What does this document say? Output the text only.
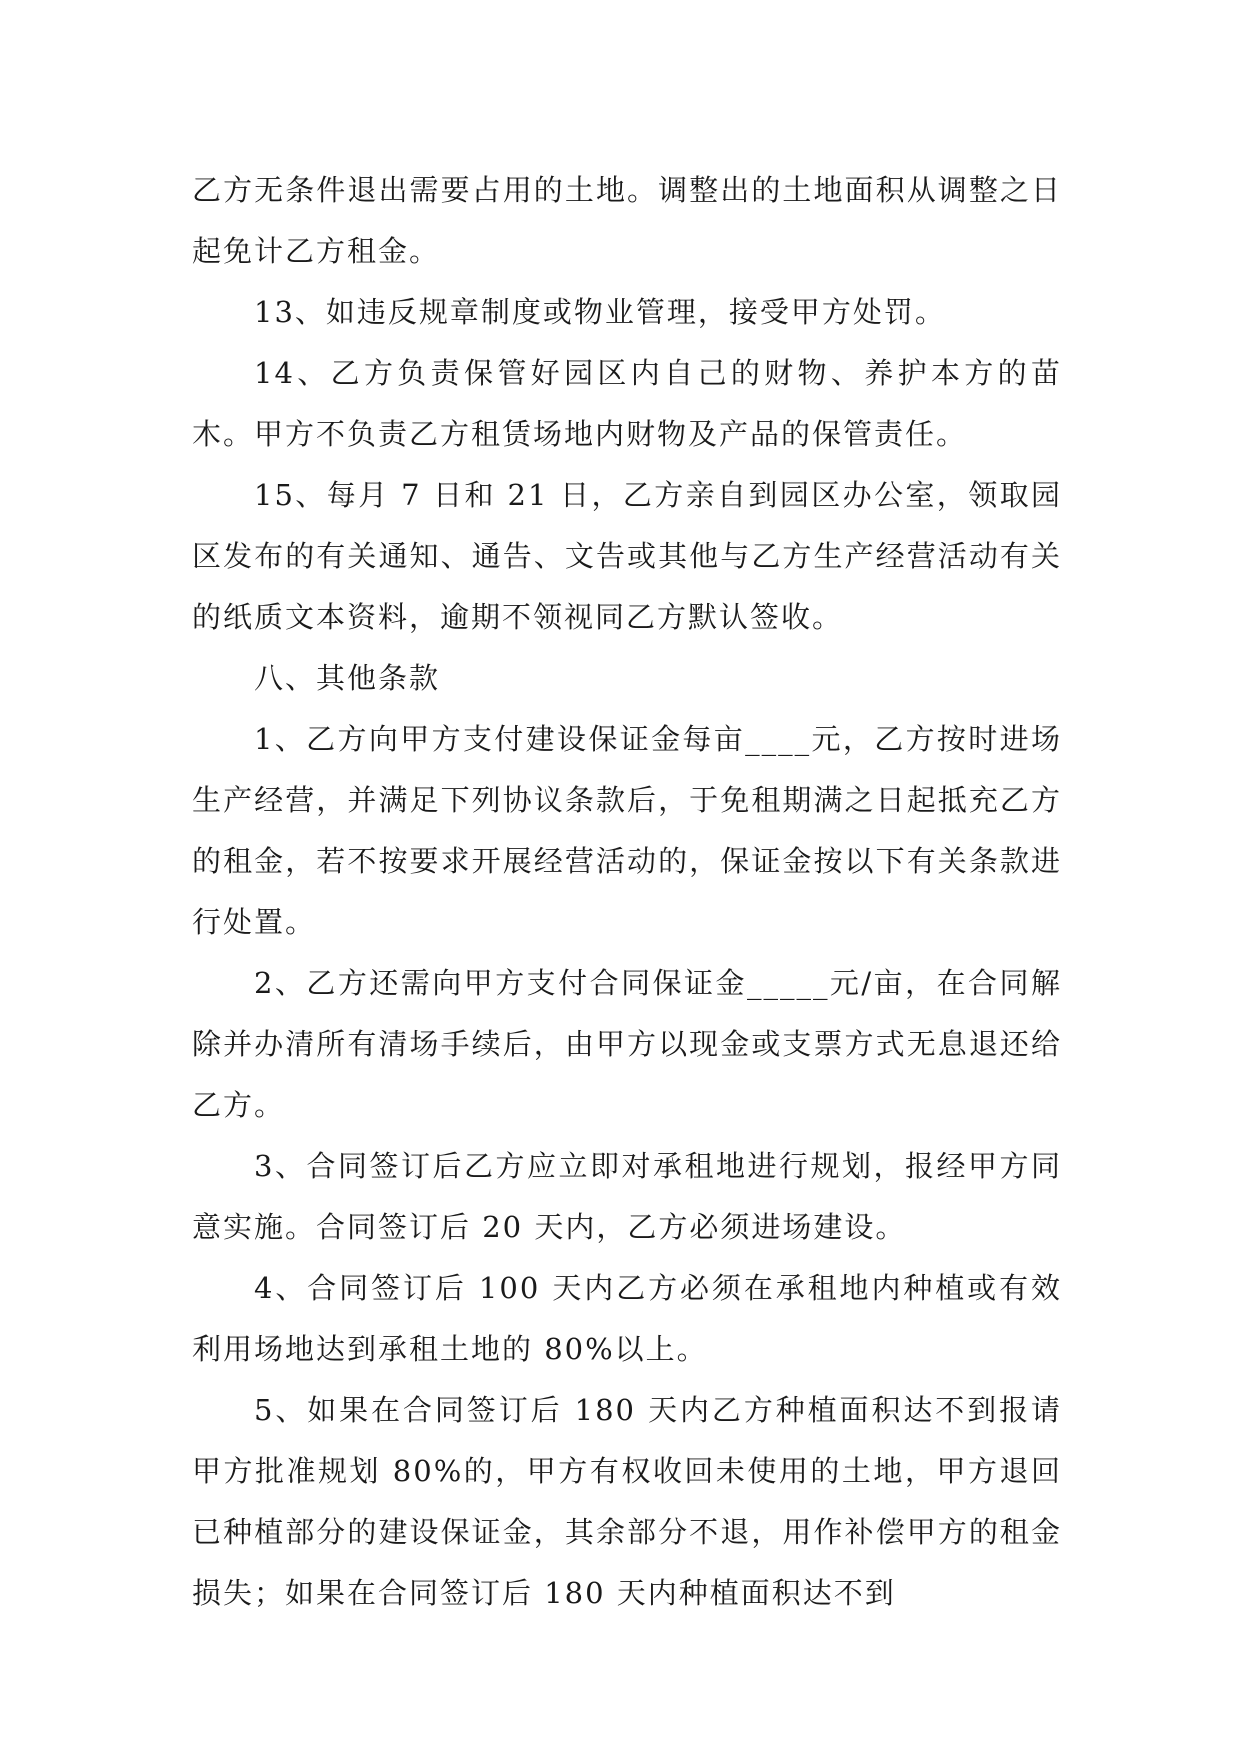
乙方无条件退出需要占用的土地。调整出的土地面积从调整之日起免计乙方租金。

13、如违反规章制度或物业管理，接受甲方处罚。

14、乙方负责保管好园区内自己的财物、养护本方的苗木。甲方不负责乙方租赁场地内财物及产品的保管责任。

15、每月 7 日和 21 日，乙方亲自到园区办公室，领取园区发布的有关通知、通告、文告或其他与乙方生产经营活动有关的纸质文本资料，逾期不领视同乙方默认签收。

八、其他条款

1、乙方向甲方支付建设保证金每亩____元，乙方按时进场生产经营，并满足下列协议条款后，于免租期满之日起抵充乙方的租金，若不按要求开展经营活动的，保证金按以下有关条款进行处置。

2、乙方还需向甲方支付合同保证金_____元/亩，在合同解除并办清所有清场手续后，由甲方以现金或支票方式无息退还给乙方。

3、合同签订后乙方应立即对承租地进行规划，报经甲方同意实施。合同签订后 20 天内，乙方必须进场建设。

4、合同签订后 100 天内乙方必须在承租地内种植或有效利用场地达到承租土地的 80%以上。

5、如果在合同签订后 180 天内乙方种植面积达不到报请甲方批准规划 80%的，甲方有权收回未使用的土地，甲方退回已种植部分的建设保证金，其余部分不退，用作补偿甲方的租金损失；如果在合同签订后 180 天内种植面积达不到
